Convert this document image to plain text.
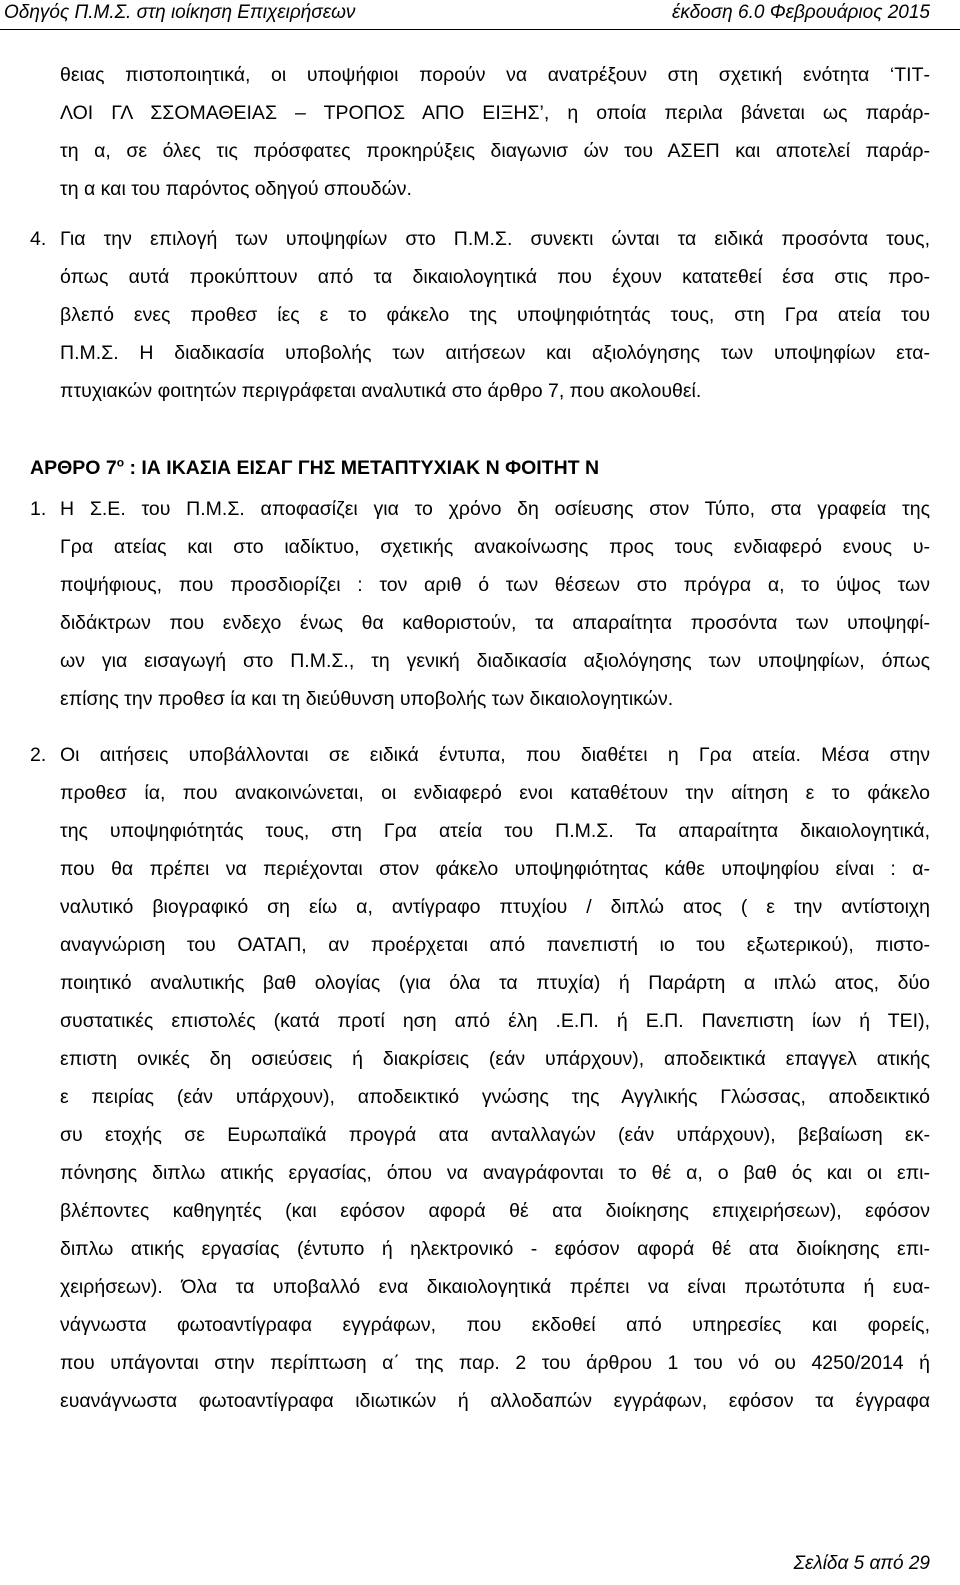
Οδηγός Π.Μ.Σ. στη ιοίκηση Επιχειρήσεων	έκδοση 6.0 Φεβρουάριος 2015
θειας πιστοποιητικά, οι υποψήφιοι πορούν να ανατρέξουν στη σχετική ενότητα ‘ΤΙΤ-
ΛΟΙ ΓΛ ΣΣΟΜΑΘΕΙΑΣ – ΤΡΟΠΟΣ ΑΠΟ ΕΙΞΗΣ’, η οποία περιλα βάνεται ως παράρ-
τη α, σε όλες τις πρόσφατες προκηρύξεις διαγωνισ ών του ΑΣΕΠ και αποτελεί παράρ-
τη α και του παρόντος οδηγού σπουδών.
4. Για την επιλογή των υποψηφίων στο Π.Μ.Σ. συνεκτι ώνται τα ειδικά προσόντα τους,
όπως αυτά προκύπτουν από τα δικαιολογητικά που έχουν κατατεθεί έσα στις προ-
βλεπό ενες προθεσ ίες ε το φάκελο της υποψηφιότητάς τους, στη Γρα ατεία του
Π.Μ.Σ. Η διαδικασία υποβολής των αιτήσεων και αξιολόγησης των υποψηφίων ετα-
πτυχιακών φοιτητών περιγράφεται αναλυτικά στο άρθρο 7, που ακολουθεί.
ΑΡΘΡΟ $7^o$ : ΙΑ ΙΚΑΣΙΑ ΕΙΣΑΓ ΓΗΣ ΜΕΤΑΠΤΥΧΙΑΚ Ν ΦΟΙΤΗΤ Ν
1. Η Σ.Ε. του Π.Μ.Σ. αποφασίζει για το χρόνο δη οσίευσης στον Τύπο, στα γραφεία της
Γρα ατείας και στο ιαδίκτυο, σχετικής ανακοίνωσης προς τους ενδιαφερό ενους υ-
ποψήφιους, που προσδιορίζει : τον αριθ ό των θέσεων στο πρόγρα α, το ύψος των
διδάκτρων που ενδεχο ένως θα καθοριστούν, τα απαραίτητα προσόντα των υποψηφί-
ων για εισαγωγή στο Π.Μ.Σ., τη γενική διαδικασία αξιολόγησης των υποψηφίων, όπως
επίσης την προθεσ ία και τη διεύθυνση υποβολής των δικαιολογητικών.
2. Οι αιτήσεις υποβάλλονται σε ειδικά έντυπα, που διαθέτει η Γρα ατεία. Μέσα στην
προθεσ ία, που ανακοινώνεται, οι ενδιαφερό ενοι καταθέτουν την αίτηση ε το φάκελο
της υποψηφιότητάς τους, στη Γρα ατεία του Π.Μ.Σ. Τα απαραίτητα δικαιολογητικά,
που θα πρέπει να περιέχονται στον φάκελο υποψηφιότητας κάθε υποψηφίου είναι : α-
ναλυτικό βιογραφικό ση είω α, αντίγραφο πτυχίου / διπλώ ατος ( ε την αντίστοιχη
αναγνώριση του ΟΑΤΑΠ, αν προέρχεται από πανεπιστή ιο του εξωτερικού), πιστο-
ποιητικό αναλυτικής βαθ ολογίας (για όλα τα πτυχία) ή Παράρτη α ιπλώ ατος, δύο
συστατικές επιστολές (κατά προτί ηση από έλη .Ε.Π. ή Ε.Π. Πανεπιστη ίων ή ΤΕΙ),
επιστη ονικές δη οσιεύσεις ή διακρίσεις (εάν υπάρχουν), αποδεικτικά επαγγελ ατικής
ε πειρίας (εάν υπάρχουν), αποδεικτικό γνώσης της Αγγλικής Γλώσσας, αποδεικτικό
συ ετοχής σε Ευρωπαϊκά προγρά ατα ανταλλαγών (εάν υπάρχουν), βεβαίωση εκ-
πόνησης διπλω ατικής εργασίας, όπου να αναγράφονται το θέ α, ο βαθ ός και οι επι-
βλέποντες καθηγητές (και εφόσον αφορά θέ ατα διοίκησης επιχειρήσεων), εφόσον
διπλω ατικής εργασίας (έντυπο ή ηλεκτρονικό - εφόσον αφορά θέ ατα διοίκησης επι-
χειρήσεων). Όλα τα υποβαλλό ενα δικαιολογητικά πρέπει να είναι πρωτότυπα ή ευα-
νάγνωστα φωτοαντίγραφα εγγράφων, που εκδοθεί από υπηρεσίες και φορείς,
που υπάγονται στην περίπτωση α΄ της παρ. 2 του άρθρου 1 του νό ου 4250/2014 ή
ευανάγνωστα φωτοαντίγραφα ιδιωτικών ή αλλοδαπών εγγράφων, εφόσον τα έγγραφα
Σελίδα 5 από 29
